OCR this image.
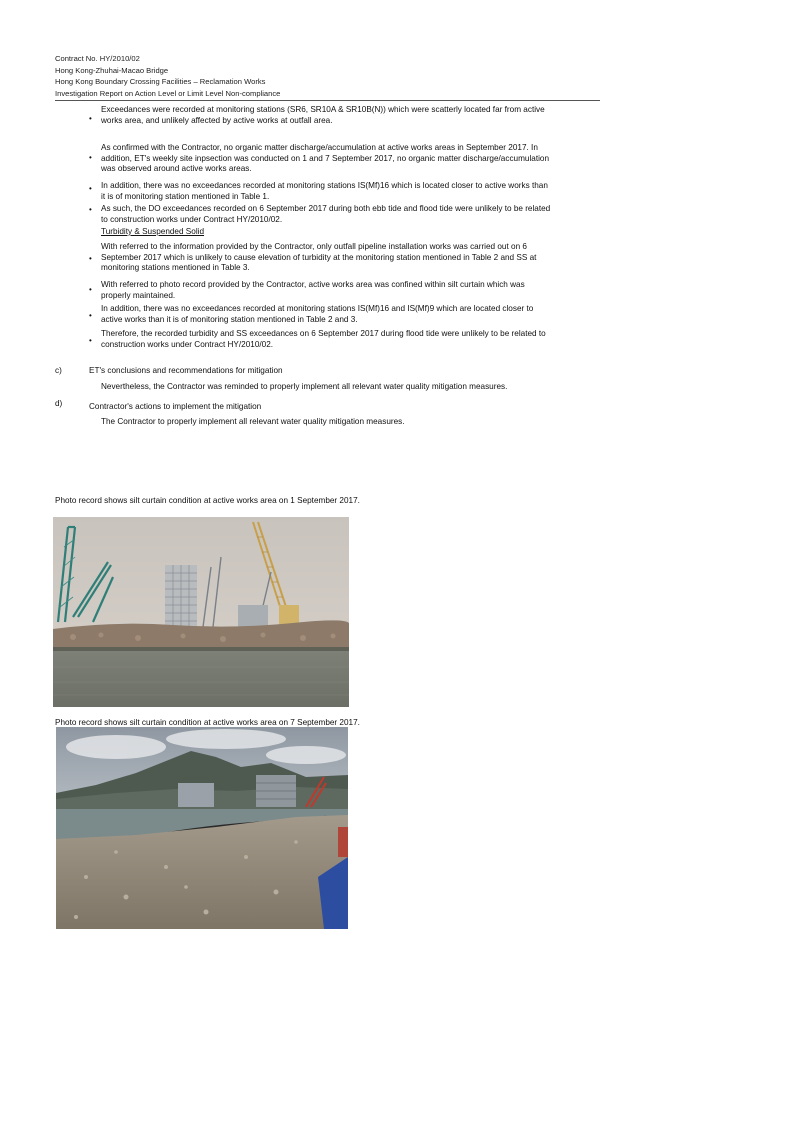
Contract No. HY/2010/02
Hong Kong-Zhuhai-Macao Bridge
Hong Kong Boundary Crossing Facilities – Reclamation Works
Investigation Report on Action Level or Limit Level Non-compliance
•
Exceedances were recorded at monitoring stations (SR6, SR10A & SR10B(N)) which were scatterly located far from active
works area, and unlikely affected by active works at outfall area.
•
As confirmed with the Contractor, no organic matter discharge/accumulation at active works areas in September 2017. In
addition, ET's weekly site inpsection was conducted on 1 and 7 September 2017, no organic matter discharge/accumulation
was observed around active works areas.
• In addition, there was no exceedances recorded at monitoring stations IS(Mf)16 which is located closer to active works than
it is of monitoring station mentioned in Table 1.
• As such, the DO exceedances recorded on 6 September 2017 during both ebb tide and flood tide were unlikely to be related
to construction works under Contract HY/2010/02.
Turbidity & Suspended Solid
•
With referred to the information provided by the Contractor, only outfall pipeline installation works was carried out on 6
September 2017 which is unlikely to cause elevation of turbidity at the monitoring station mentioned in Table 2 and SS at
monitoring stations mentioned in Table 3.
•
With referred to photo record provided by the Contractor, active works area was confined within silt curtain which was
properly maintained.
•
In addition, there was no exceedances recorded at monitoring stations IS(Mf)16 and IS(Mf)9 which are located closer to
active works than it is of monitoring station mentioned in Table 2 and 3.
•
Therefore, the recorded turbidity and SS exceedances on 6 September 2017 during flood tide were unlikely to be related to
construction works under Contract HY/2010/02.
c)	ET's conclusions and recommendations for mitigation
Nevertheless, the Contractor was reminded to properly implement all relevant water quality mitigation measures.
d)	Contractor's actions to implement the mitigation
The Contractor to properly implement all relevant water quality mitigation measures.
Photo record shows silt curtain condition at active works area on 1 September 2017.
Photo record shows silt curtain condition at active works area on 7 September 2017.
